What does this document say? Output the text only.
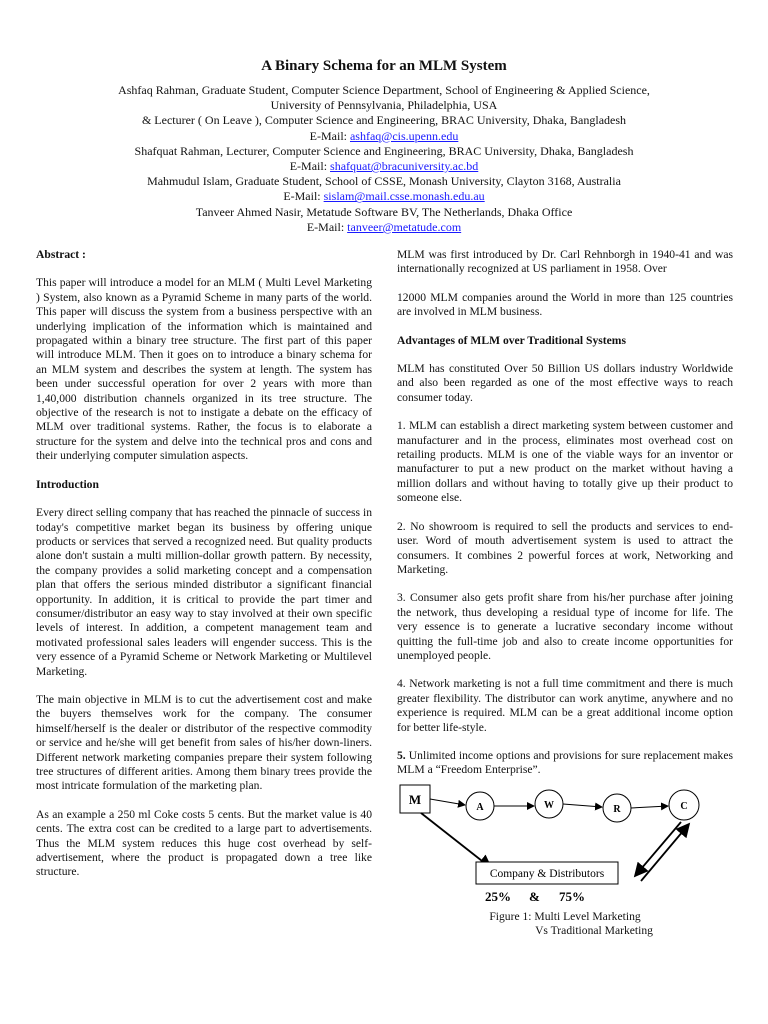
A Binary Schema for an MLM System
Ashfaq Rahman, Graduate Student, Computer Science Department, School of Engineering & Applied Science,
University of Pennsylvania, Philadelphia, USA
& Lecturer ( On Leave ), Computer Science and Engineering, BRAC University, Dhaka, Bangladesh
E-Mail: ashfaq@cis.upenn.edu
Shafquat Rahman, Lecturer, Computer Science and Engineering, BRAC University, Dhaka, Bangladesh
E-Mail: shafquat@bracuniversity.ac.bd
Mahmudul Islam, Graduate Student, School of CSSE, Monash University, Clayton 3168, Australia
E-Mail: sislam@mail.csse.monash.edu.au
Tanveer Ahmed Nasir, Metatude Software BV, The Netherlands, Dhaka Office
E-Mail: tanveer@metatude.com

Abstract :

This paper will introduce a model for an MLM ( Multi Level Marketing ) System, also known as a Pyramid Scheme in many parts of the world. This paper will discuss the system from a business perspective with an underlying implication of the information which is maintained and propagated within a binary tree structure. The first part of this paper will introduce MLM. Then it goes on to introduce a binary schema for an MLM system and describes the system at length. The system has been under successful operation for over 2 years with more than 1,40,000 distribution channels organized in its tree structure. The objective of the research is not to instigate a debate on the efficacy of MLM over traditional systems. Rather, the focus is to elaborate a structure for the system and delve into the technical pros and cons and their underlying computer simulation aspects.

Introduction

Every direct selling company that has reached the pinnacle of success in today's competitive market began its business by offering unique products or services that served a recognized need. But quality products alone don't sustain a multi million-dollar growth pattern. By necessity, the company provides a solid marketing concept and a compensation plan that offers the serious minded distributor a significant financial opportunity. In addition, it is critical to provide the part timer and consumer/distributor an easy way to stay involved at their own specific levels of interest. In addition, a competent management team and motivated professional sales leaders will engender success. This is the very essence of a Pyramid Scheme or Network Marketing or Multilevel Marketing.

The main objective in MLM is to cut the advertisement cost and make the buyers themselves work for the company. The consumer himself/herself is the dealer or distributor of the respective commodity or service and he/she will get benefit from sales of his/her down-liners. Different network marketing companies prepare their system following tree structures of different arities. Among them binary trees provide the most intricate formulation of the marketing plan.

As an example a 250 ml Coke costs 5 cents. But the market value is 40 cents. The extra cost can be credited to a large part to advertisements. Thus the MLM system reduces this huge cost overhead by self-advertisement, where the product is propagated down a tree like structure.

MLM was first introduced by Dr. Carl Rehnborgh in 1940-41 and was internationally recognized at US parliament in 1958. Over

12000 MLM companies around the World in more than 125 countries are involved in MLM business.

Advantages of MLM over Traditional Systems

MLM has constituted Over 50 Billion US dollars industry Worldwide and also been regarded as one of the most effective ways to reach consumer today.

1. MLM can establish a direct marketing system between customer and manufacturer and in the process, eliminates most overhead cost on retailing products. MLM is one of the viable ways for an inventor or manufacturer to put a new product on the market without having a million dollars and without having to totally give up their product to someone else.

2. No showroom is required to sell the products and services to end-user. Word of mouth advertisement system is used to attract the consumers. It combines 2 powerful forces at work, Networking and Marketing.

3. Consumer also gets profit share from his/her purchase after joining the network, thus developing a residual type of income for life. The very essence is to generate a lucrative secondary income without quitting the full-time job and also to create income opportunities for unemployed people.

4. Network marketing is not a full time commitment and there is much greater flexibility. The distributor can work anytime, anywhere and no experience is required. MLM can be a great additional income option for better life-style.

5. Unlimited income options and provisions for sure replacement makes MLM a “Freedom Enterprise”.

M
A	W	R	C
Company & Distributors
25% & 75%
Figure 1: Multi Level Marketing
Vs Traditional Marketing
